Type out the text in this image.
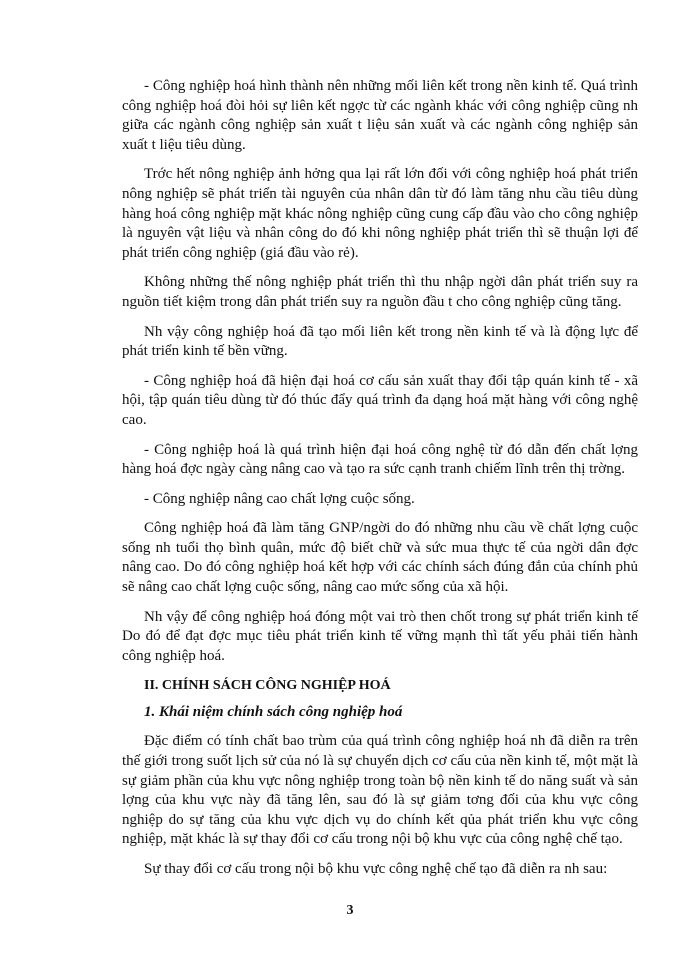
- Công nghiệp hoá hình thành nên những mối liên kết trong nền kinh tế. Quá trình công nghiệp hoá đòi hỏi sự liên kết ngợc từ các ngành khác với công nghiệp cũng nh giữa các ngành công nghiệp sản xuất t liệu sản xuất và các ngành công nghiệp sản xuất t liệu tiêu dùng.

Trớc hết nông nghiệp ảnh hởng qua lại rất lớn đối với công nghiệp hoá phát triển nông nghiệp sẽ phát triển tài nguyên của nhân dân từ đó làm tăng nhu cầu tiêu dùng hàng hoá công nghiệp mặt khác nông nghiệp cũng cung cấp đầu vào cho công nghiệp là nguyên vật liệu và nhân công do đó khi nông nghiệp phát triển thì sẽ thuận lợi để phát triển công nghiệp (giá đầu vào rẻ).

Không những thế nông nghiệp phát triển thì thu nhập ngời dân phát triển suy ra nguồn tiết kiệm trong dân phát triển suy ra nguồn đầu t cho công nghiệp cũng tăng.

Nh vậy công nghiệp hoá đã tạo mối liên kết trong nền kinh tế và là động lực để phát triển kinh tế bền vững.

- Công nghiệp hoá đã hiện đại hoá cơ cấu sản xuất thay đổi tập quán kinh tế - xã hội, tập quán tiêu dùng từ đó thúc đẩy quá trình đa dạng hoá mặt hàng với công nghệ cao.

- Công nghiệp hoá là quá trình hiện đại hoá công nghệ từ đó dẫn đến chất lợng hàng hoá đợc ngày càng nâng cao và tạo ra sức cạnh tranh chiếm lĩnh trên thị trờng.

- Công nghiệp nâng cao chất lợng cuộc sống.

Công nghiệp hoá đã làm tăng GNP/ngời do đó những nhu cầu về chất lợng cuộc sống nh tuổi thọ bình quân, mức độ biết chữ và sức mua thực tế của ngời dân đợc nâng cao. Do đó công nghiệp hoá kết hợp với các chính sách đúng đắn của chính phủ sẽ nâng cao chất lợng cuộc sống, nâng cao mức sống của xã hội.

Nh vậy để công nghiệp hoá đóng một vai trò then chốt trong sự phát triển kinh tế Do đó để đạt đợc mục tiêu phát triển kinh tế vững mạnh thì tất yếu phải tiến hành công nghiệp hoá.

II. CHÍNH SÁCH CÔNG NGHIỆP HOÁ

1. Khái niệm chính sách công nghiệp hoá

Đặc điểm có tính chất bao trùm của quá trình công nghiệp hoá nh đã diễn ra trên thế giới trong suốt lịch sử của nó là sự chuyển dịch cơ cấu của nền kinh tế, một mặt là sự giảm phần của khu vực nông nghiệp trong toàn bộ nền kinh tế do năng suất và sản lợng của khu vực này đã tăng lên, sau đó là sự giảm tơng đối của khu vực công nghiệp do sự tăng của khu vực dịch vụ do chính kết qủa phát triển khu vực công nghiệp, mặt khác là sự thay đổi cơ cấu trong nội bộ khu vực của công nghệ chế tạo.

Sự thay đổi cơ cấu trong nội bộ khu vực công nghệ chế tạo đã diễn ra nh sau:

3
